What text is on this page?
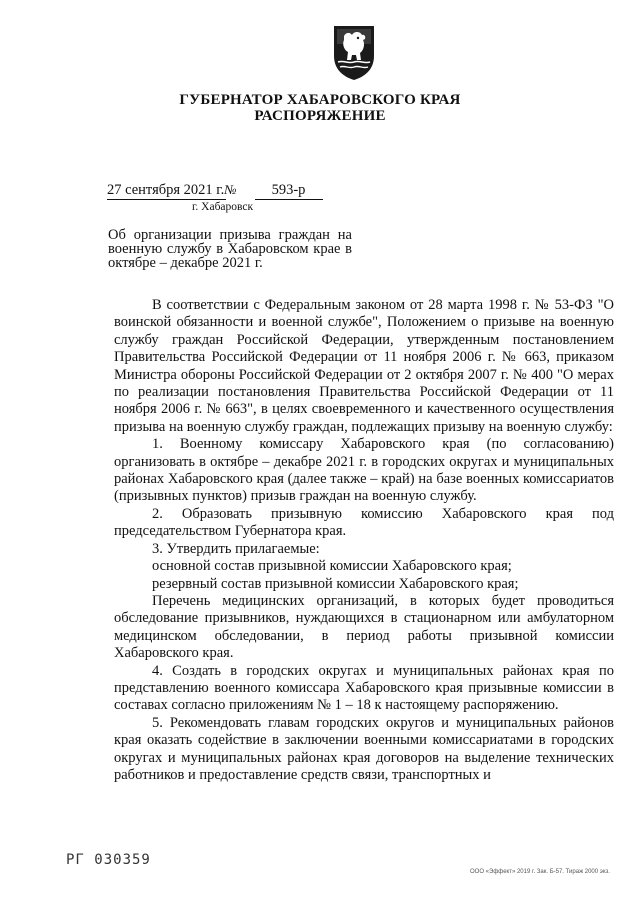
ГУБЕРНАТОР ХАБАРОВСКОГО КРАЯ
РАСПОРЯЖЕНИЕ
27 сентября 2021 г.№ 593-р
г. Хабаровск
Об организации призыва граждан на военную службу в Хабаровском крае в октябре – декабре 2021 г.

В соответствии с Федеральным законом от 28 марта 1998 г. № 53-ФЗ "О воинской обязанности и военной службе", Положением о призыве на военную службу граждан Российской Федерации, утвержденным постановлением Правительства Российской Федерации от 11 ноября 2006 г. № 663, приказом Министра обороны Российской Федерации от 2 октября 2007 г. № 400 "О мерах по реализации постановления Правительства Российской Федерации от 11 ноября 2006 г. № 663", в целях своевременного и качественного осуществления призыва на военную службу граждан, подлежащих призыву на военную службу:

1. Военному комиссару Хабаровского края (по согласованию) организовать в октябре – декабре 2021 г. в городских округах и муниципальных районах Хабаровского края (далее также – край) на базе военных комиссариатов (призывных пунктов) призыв граждан на военную службу.

2. Образовать призывную комиссию Хабаровского края под председательством Губернатора края.

3. Утвердить прилагаемые:

основной состав призывной комиссии Хабаровского края;

резервный состав призывной комиссии Хабаровского края;

Перечень медицинских организаций, в которых будет проводиться обследование призывников, нуждающихся в стационарном или амбулаторном медицинском обследовании, в период работы призывной комиссии Хабаровского края.

4. Создать в городских округах и муниципальных районах края по представлению военного комиссара Хабаровского края призывные комиссии в составах согласно приложениям № 1 – 18 к настоящему распоряжению.

5. Рекомендовать главам городских округов и муниципальных районов края оказать содействие в заключении военными комиссариатами в городских округах и муниципальных районах края договоров на выделение технических работников и предоставление средств связи, транспортных и

РГ 030359
ООО «Эффект» 2019 г. Зак. Б-57. Тираж 2000 экз.
